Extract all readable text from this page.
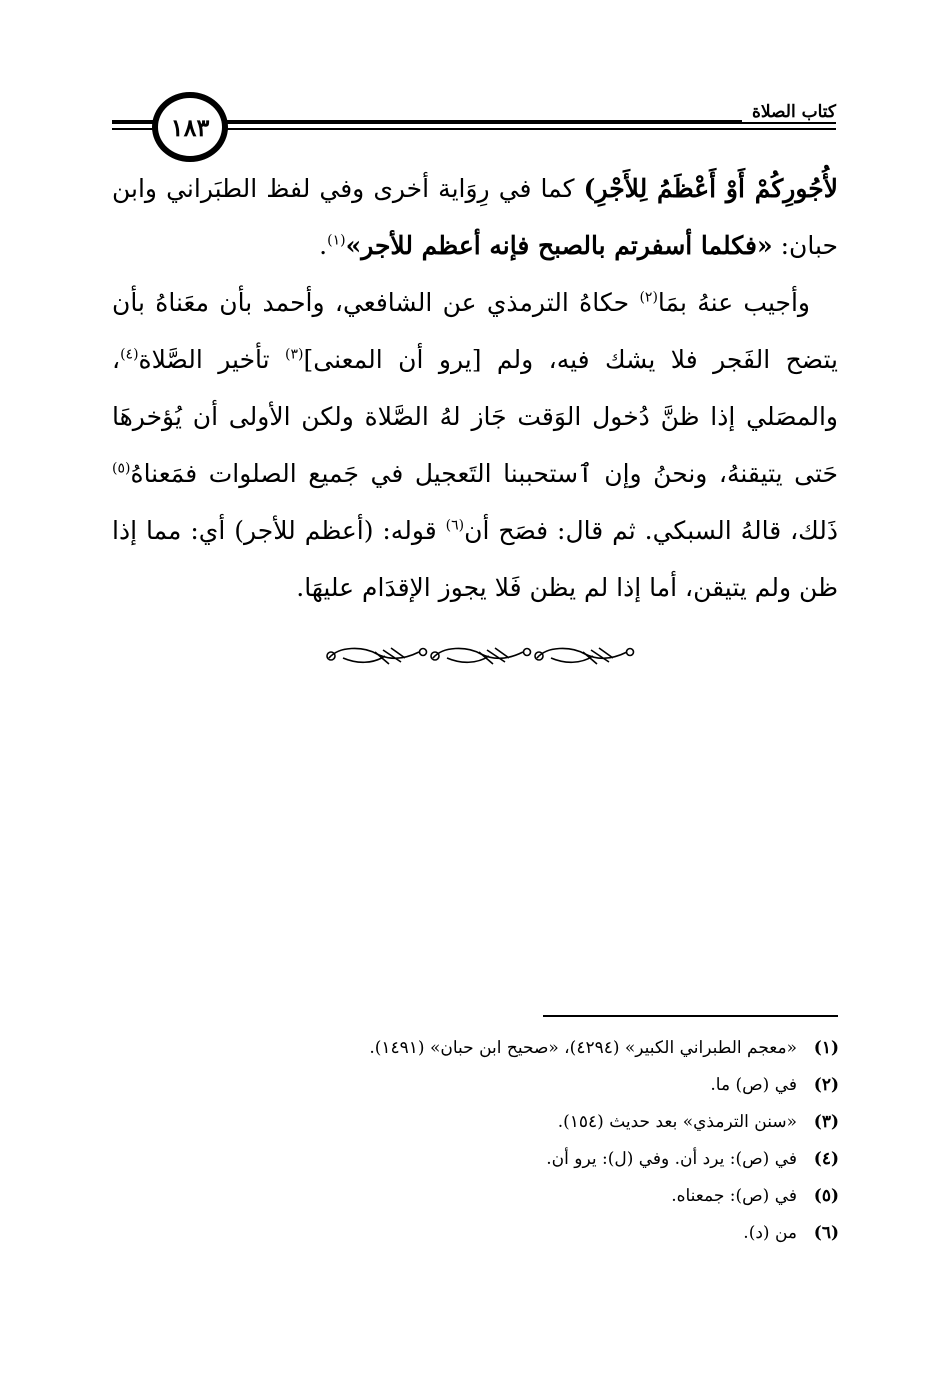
كتاب الصلاة
١٨٣

لأُجُورِكُمْ أَوْ أَعْظَمُ لِلأَجْرِ) كما في رِوَاية أخرى وفي لفظ الطبَراني وابن حبان: «فكلما أسفرتم بالصبح فإنه أعظم للأجر»$^{(١)}$.

وأجيب عنهُ بمَا$^{(٢)}$ حكاهُ الترمذي عن الشافعي، وأحمد بأن معَناهُ بأن يتضح الفَجر فلا يشك فيه، ولم [يرو أن المعنى]$^{(٣)}$ تأخير الصَّلاة$^{(٤)}$، والمصَلي إذا ظنَّ دُخول الوَقت جَاز لهُ الصَّلاة ولكن الأولى أن يُؤخرهَا حَتى يتيقنهُ، ونحنُ وإن ٱستحببنا التَعجيل في جَميع الصلوات فمَعناهُ$^{(٥)}$ ذَلك، قالهُ السبكي. ثم قال: فصَح أن$^{(٦)}$ قوله: (أعظم للأجر) أي: مما إذا ظن ولم يتيقن، أما إذا لم يظن فَلا يجوز الإقدَام عليهَا.

(١)
«معجم الطبراني الكبير» (٤٢٩٤)، «صحيح ابن حبان» (١٤٩١).
(٢)
في (ص) ما.
(٣)
«سنن الترمذي» بعد حديث (١٥٤).
(٤)
في (ص): يرد أن. وفي (ل): يرو أن.
(٥)
في (ص): جمعناه.
(٦)
من (د).
